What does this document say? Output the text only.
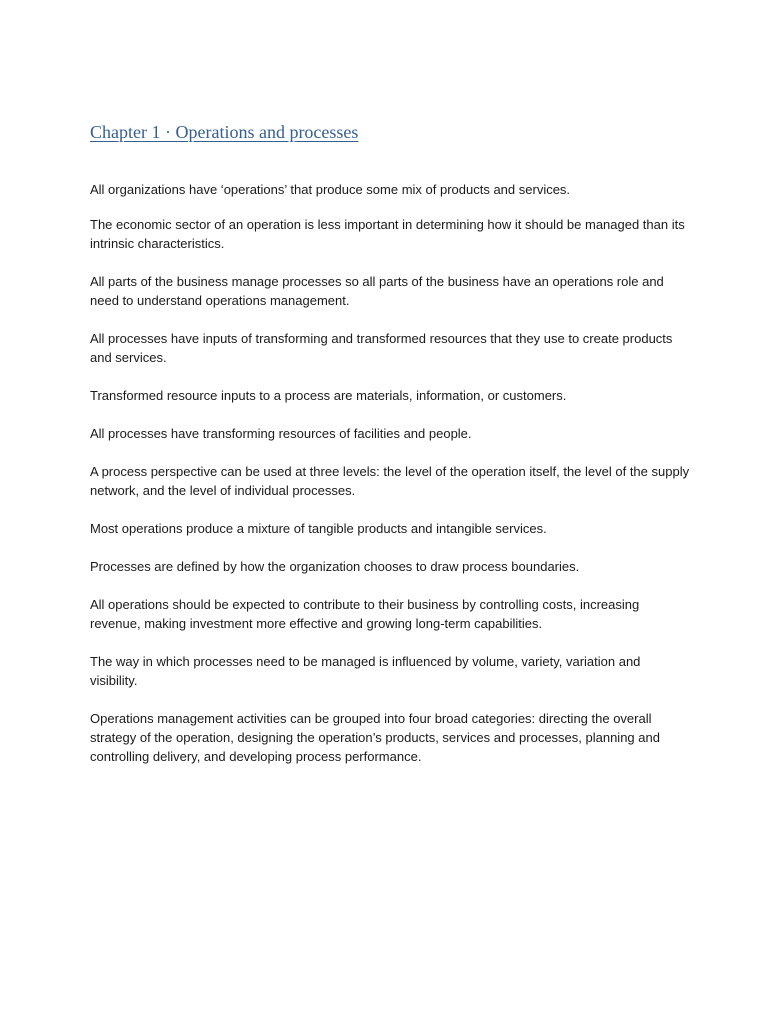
Chapter 1 · Operations and processes

All organizations have ‘operations’ that produce some mix of products and services.

The economic sector of an operation is less important in determining how it should be managed than its intrinsic characteristics.

All parts of the business manage processes so all parts of the business have an operations role and need to understand operations management.

All processes have inputs of transforming and transformed resources that they use to create products and services.

Transformed resource inputs to a process are materials, information, or customers.

All processes have transforming resources of facilities and people.

A process perspective can be used at three levels: the level of the operation itself, the level of the supply network, and the level of individual processes.

Most operations produce a mixture of tangible products and intangible services.

Processes are defined by how the organization chooses to draw process boundaries.

All operations should be expected to contribute to their business by controlling costs, increasing revenue, making investment more effective and growing long-term capabilities.

The way in which processes need to be managed is influenced by volume, variety, variation and visibility.

Operations management activities can be grouped into four broad categories: directing the overall strategy of the operation, designing the operation’s products, services and processes, planning and controlling delivery, and developing process performance.
